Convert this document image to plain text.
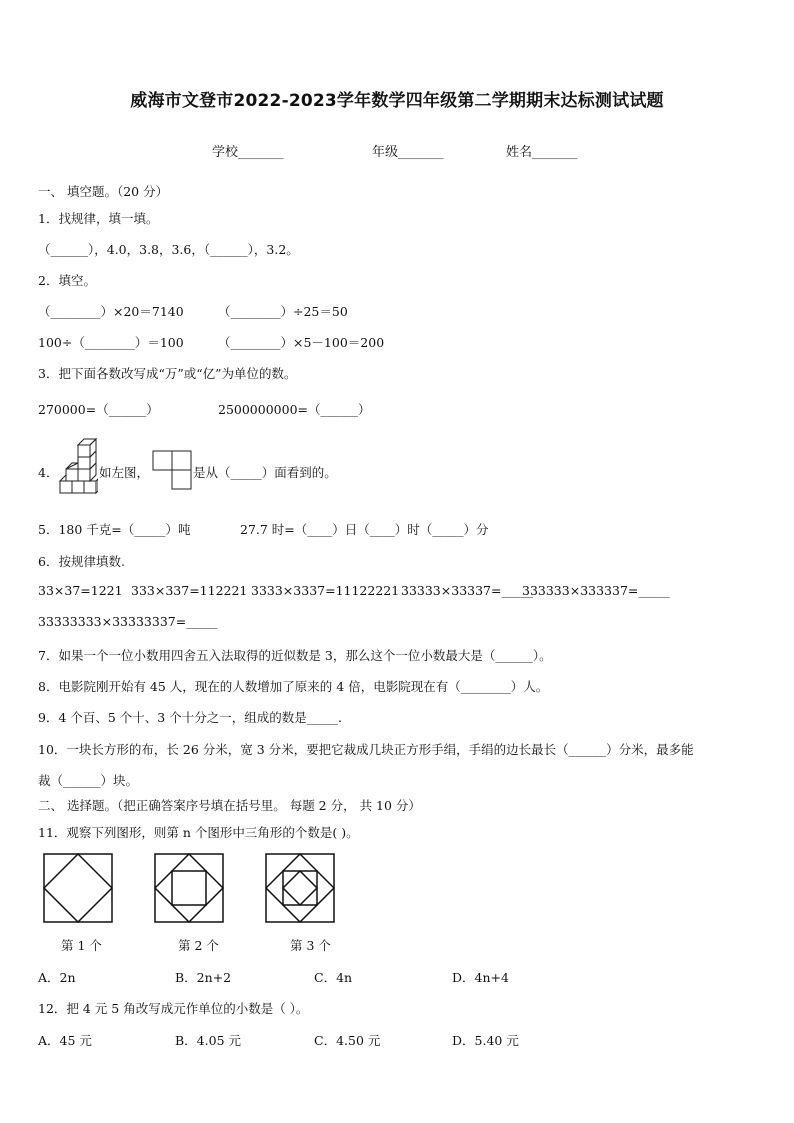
威海市文登市2022-2023学年数学四年级第二学期期末达标测试试题
学校_______	年级_______	姓名_______
一、 填空题。（20 分）
1．找规律，填一填。
（______），4.0，3.8，3.6，（______），3.2。
2．填空。
（________）×20＝7140	（________）÷25＝50
100÷（________）＝100	（________）×5－100＝200
3．把下面各数改写成“万”或“亿”为单位的数。
270000=（______）	2500000000=（______）
4．	如左图，	是从（_____）面看到的。
5．180 千克=（_____）吨	27.7 时=（____）日（____）时（_____）分
6．按规律填数.
33×37=1221 333×337=112221 3333×3337=11122221 33333×33337=_____
333333×333337=_____
33333333×33333337=_____
7．如果一个一位小数用四舍五入法取得的近似数是 3，那么这个一位小数最大是（______）。
8．电影院刚开始有 45 人，现在的人数增加了原来的 4 倍，电影院现在有（________）人。
9．4 个百、5 个十、3 个十分之一，组成的数是_____.
10．一块长方形的布，长 26 分米，宽 3 分米，要把它裁成几块正方形手绢，手绢的边长最长（______）分米，最多能
裁（______）块。
二、 选择题。（把正确答案序号填在括号里。 每题 2 分， 共 10 分）
11．观察下列图形，则第 n 个图形中三角形的个数是( )。
第 1 个	第 2 个	第 3 个
A．2n	B．2n+2	C．4n	D．4n+4
12．把 4 元 5 角改写成元作单位的小数是（ ）。
A．45 元	B．4.05 元	C．4.50 元	D．5.40 元
